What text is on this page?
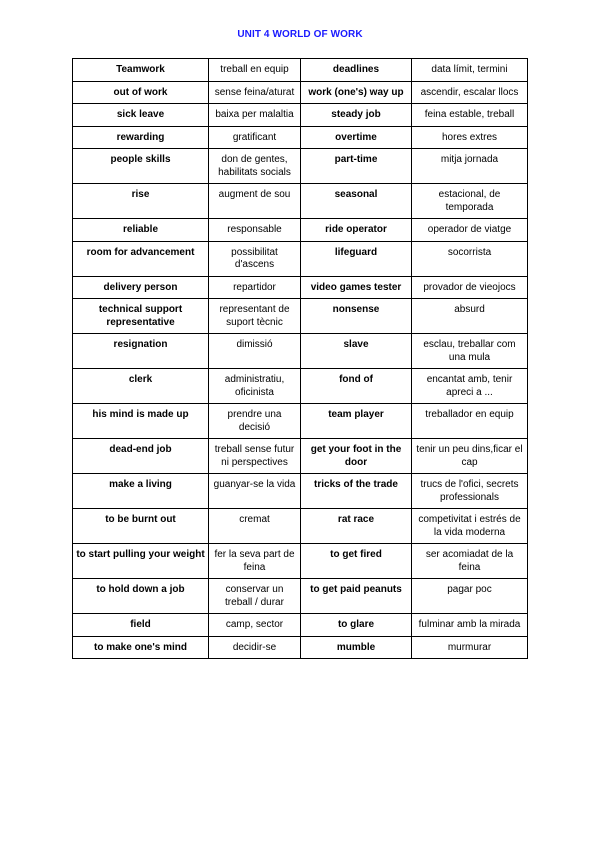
UNIT 4 WORLD OF WORK
Teamwork	treball en equip	deadlines	data límit, termini
out of work	sense feina/aturat	work (one's) way up	ascendir, escalar llocs
sick leave	baixa per malaltia	steady job	feina estable, treball
rewarding	gratificant	overtime	hores extres
people skills	don de gentes, habilitats socials	part-time	mitja jornada
rise	augment de sou	seasonal	estacional, de temporada
reliable	responsable	ride operator	operador de viatge
room for advancement	possibilitat d'ascens	lifeguard	socorrista
delivery person	repartidor	video games tester	provador de vieojocs
technical support representative	representant de suport tècnic	nonsense	absurd
resignation	dimissió	slave	esclau, treballar com una mula
clerk	administratiu, oficinista	fond of	encantat amb, tenir apreci a ...
his mind is made up	prendre una decisió	team player	treballador en equip
dead-end job	treball sense futur ni perspectives	get your foot in the door	tenir un peu dins,ficar el cap
make a living	guanyar-se la vida	tricks of the trade	trucs de l'ofici, secrets professionals
to be burnt out	cremat	rat race	competivitat i estrés de la vida moderna
to start pulling your weight	fer la seva part de feina	to get fired	ser acomiadat de la feina
to hold down a job	conservar un treball / durar	to get paid peanuts	pagar poc
field	camp, sector	to glare	fulminar amb la mirada
to make one's mind	decidir-se	mumble	murmurar
